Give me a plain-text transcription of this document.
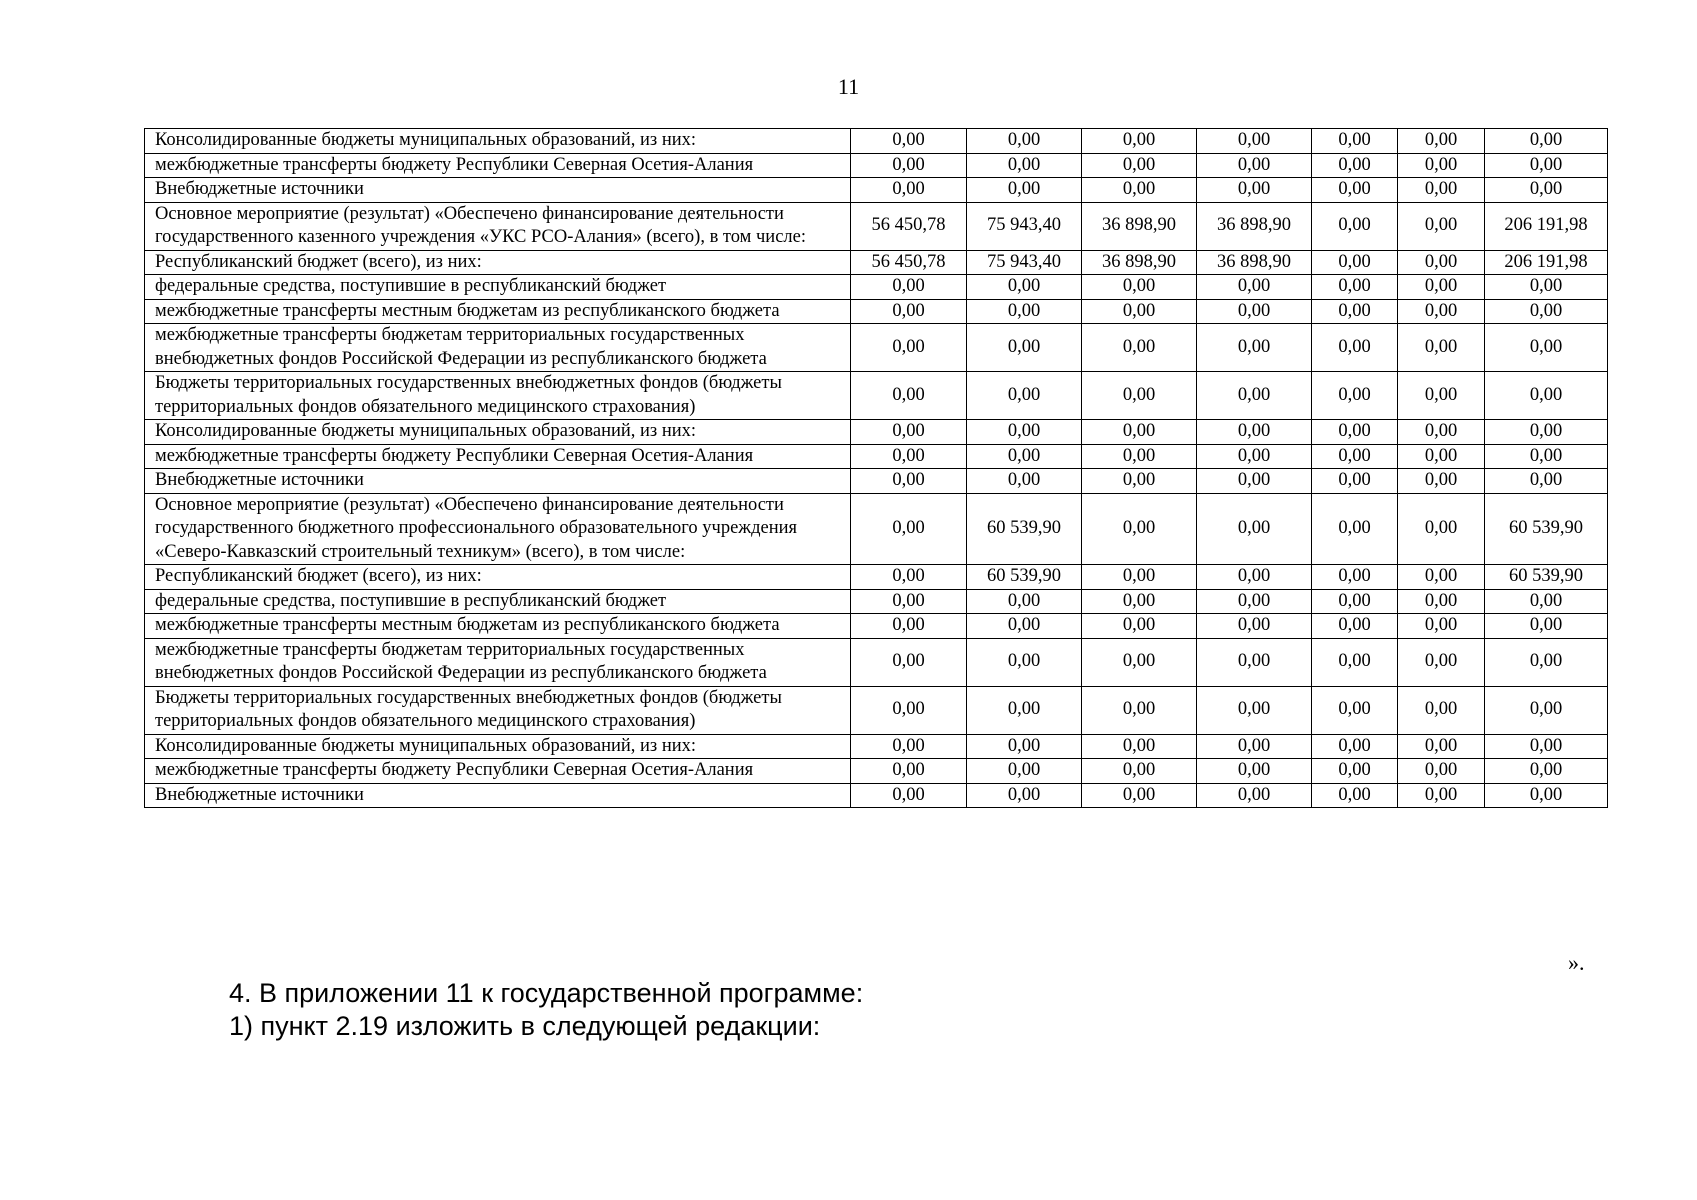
11
Консолидированные бюджеты муниципальных образований, из них:	0,00	0,00	0,00	0,00	0,00	0,00	0,00
межбюджетные трансферты бюджету Республики Северная Осетия-Алания	0,00	0,00	0,00	0,00	0,00	0,00	0,00
Внебюджетные источники	0,00	0,00	0,00	0,00	0,00	0,00	0,00
Основное мероприятие (результат) «Обеспечено финансирование деятельности государственного казенного учреждения «УКС РСО-Алания» (всего), в том числе:	56 450,78	75 943,40	36 898,90	36 898,90	0,00	0,00	206 191,98
Республиканский бюджет (всего), из них:	56 450,78	75 943,40	36 898,90	36 898,90	0,00	0,00	206 191,98
федеральные средства, поступившие в республиканский бюджет	0,00	0,00	0,00	0,00	0,00	0,00	0,00
межбюджетные трансферты местным бюджетам из республиканского бюджета	0,00	0,00	0,00	0,00	0,00	0,00	0,00
межбюджетные трансферты бюджетам территориальных государственных внебюджетных фондов Российской Федерации из республиканского бюджета	0,00	0,00	0,00	0,00	0,00	0,00	0,00
Бюджеты территориальных государственных внебюджетных фондов (бюджеты территориальных фондов обязательного медицинского страхования)	0,00	0,00	0,00	0,00	0,00	0,00	0,00
Консолидированные бюджеты муниципальных образований, из них:	0,00	0,00	0,00	0,00	0,00	0,00	0,00
межбюджетные трансферты бюджету Республики Северная Осетия-Алания	0,00	0,00	0,00	0,00	0,00	0,00	0,00
Внебюджетные источники	0,00	0,00	0,00	0,00	0,00	0,00	0,00
Основное мероприятие (результат) «Обеспечено финансирование деятельности государственного бюджетного профессионального образовательного учреждения «Северо-Кавказский строительный техникум» (всего), в том числе:	0,00	60 539,90	0,00	0,00	0,00	0,00	60 539,90
Республиканский бюджет (всего), из них:	0,00	60 539,90	0,00	0,00	0,00	0,00	60 539,90
федеральные средства, поступившие в республиканский бюджет	0,00	0,00	0,00	0,00	0,00	0,00	0,00
межбюджетные трансферты местным бюджетам из республиканского бюджета	0,00	0,00	0,00	0,00	0,00	0,00	0,00
межбюджетные трансферты бюджетам территориальных государственных внебюджетных фондов Российской Федерации из республиканского бюджета	0,00	0,00	0,00	0,00	0,00	0,00	0,00
Бюджеты территориальных государственных внебюджетных фондов (бюджеты территориальных фондов обязательного медицинского страхования)	0,00	0,00	0,00	0,00	0,00	0,00	0,00
Консолидированные бюджеты муниципальных образований, из них:	0,00	0,00	0,00	0,00	0,00	0,00	0,00
межбюджетные трансферты бюджету Республики Северная Осетия-Алания	0,00	0,00	0,00	0,00	0,00	0,00	0,00
Внебюджетные источники	0,00	0,00	0,00	0,00	0,00	0,00	0,00
».
4. В приложении 11 к государственной программе:
1) пункт 2.19 изложить в следующей редакции:
